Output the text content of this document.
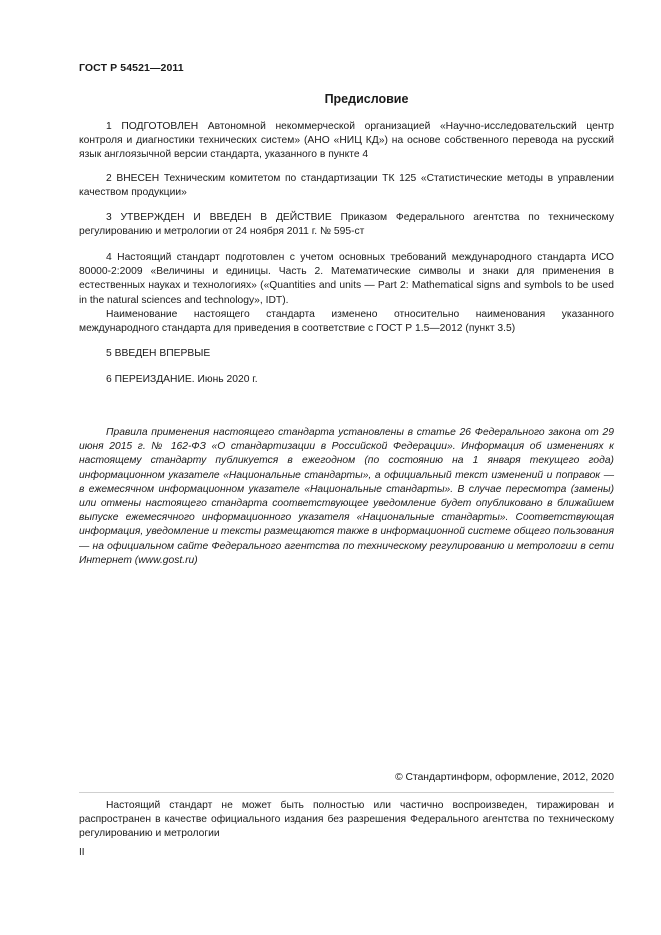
ГОСТ Р 54521—2011
Предисловие

1 ПОДГОТОВЛЕН Автономной некоммерческой организацией «Научно-исследовательский центр контроля и диагностики технических систем» (АНО «НИЦ КД») на основе собственного перевода на русский язык англоязычной версии стандарта, указанного в пункте 4

2 ВНЕСЕН Техническим комитетом по стандартизации ТК 125 «Статистические методы в управлении качеством продукции»

3 УТВЕРЖДЕН И ВВЕДЕН В ДЕЙСТВИЕ Приказом Федерального агентства по техническому регулированию и метрологии от 24 ноября 2011 г. № 595-ст

4 Настоящий стандарт подготовлен с учетом основных требований международного стандарта ИСО 80000-2:2009 «Величины и единицы. Часть 2. Математические символы и знаки для применения в естественных науках и технологиях» («Quantities and units — Part 2: Mathematical signs and symbols to be used in the natural sciences and technology», IDT).

Наименование настоящего стандарта изменено относительно наименования указанного международного стандарта для приведения в соответствие с ГОСТ Р 1.5—2012 (пункт 3.5)

5 ВВЕДЕН ВПЕРВЫЕ

6 ПЕРЕИЗДАНИЕ. Июнь 2020 г.

Правила применения настоящего стандарта установлены в статье 26 Федерального закона от 29 июня 2015 г. № 162-ФЗ «О стандартизации в Российской Федерации». Информация об изменениях к настоящему стандарту публикуется в ежегодном (по состоянию на 1 января текущего года) информационном указателе «Национальные стандарты», а официальный текст изменений и поправок — в ежемесячном информационном указателе «Национальные стандарты». В случае пересмотра (замены) или отмены настоящего стандарта соответствующее уведомление будет опубликовано в ближайшем выпуске ежемесячного информационного указателя «Национальные стандарты». Соответствующая информация, уведомление и тексты размещаются также в информационной системе общего пользования — на официальном сайте Федерального агентства по техническому регулированию и метрологии в сети Интернет (www.gost.ru)

© Стандартинформ, оформление, 2012, 2020

Настоящий стандарт не может быть полностью или частично воспроизведен, тиражирован и распространен в качестве официального издания без разрешения Федерального агентства по техническому регулированию и метрологии

II
